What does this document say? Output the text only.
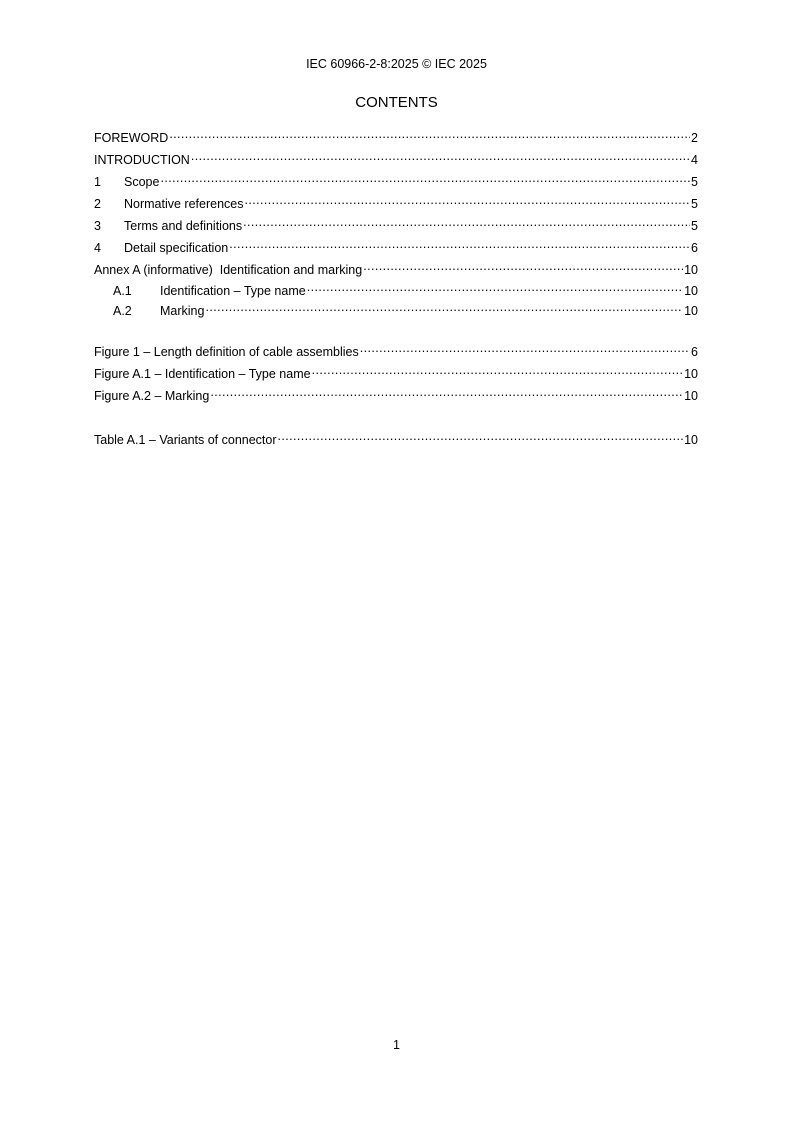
IEC 60966-2-8:2025 © IEC 2025
CONTENTS
FOREWORD .....	2
INTRODUCTION .....	4
1	Scope .....	5
2	Normative references .....	5
3	Terms and definitions .....	5
4	Detail specification .....	6
Annex A (informative)  Identification and marking .....	10
A.1	Identification – Type name .....	10
A.2	Marking .....	10
Figure 1 – Length definition of cable assemblies .....	6
Figure A.1 – Identification – Type name .....	10
Figure A.2 – Marking .....	10
Table A.1 – Variants of connector .....	10
1
